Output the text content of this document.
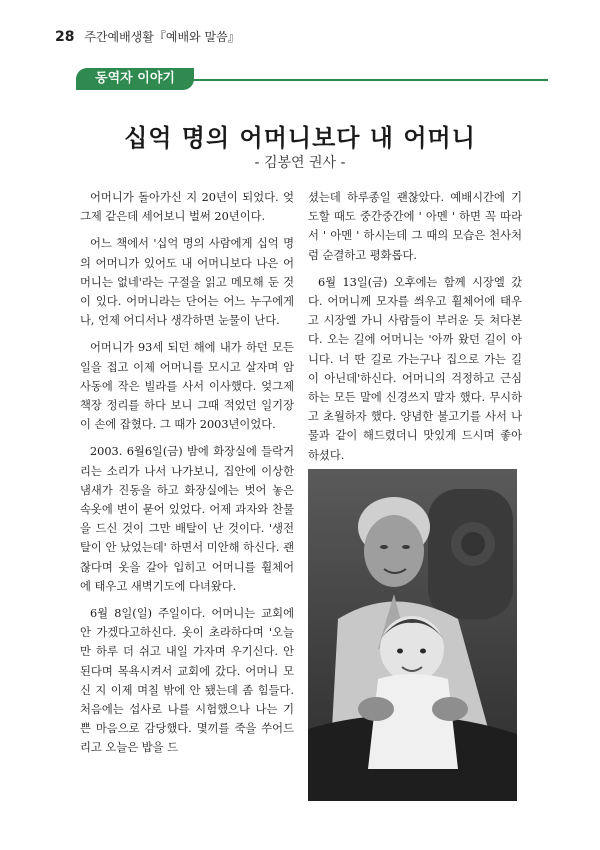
28 주간예배생활『예배와 말씀』
동역자 이야기
십억 명의 어머니보다 내 어머니
- 김봉연 권사 -

어머니가 돌아가신 지 20년이 되었다. 엊그제 같은데 세어보니 벌써 20년이다.

어느 책에서 '십억 명의 사람에게 십억 명의 어머니가 있어도 내 어머니보다 나은 어머니는 없네'라는 구절을 읽고 메모해 둔 것이 있다. 어머니라는 단어는 어느 누구에게나, 언제 어디서나 생각하면 눈물이 난다.

어머니가 93세 되던 해에 내가 하던 모든 일을 접고 이제 어머니를 모시고 살자며 암사동에 작은 빌라를 사서 이사했다. 엊그제 책장 정리를 하다 보니 그때 적었던 일기장이 손에 잡혔다. 그 때가 2003년이었다.

2003. 6월6일(금) 밤에 화장실에 들락거리는 소리가 나서 나가보니, 집안에 이상한 냄새가 진동을 하고 화장실에는 벗어 놓은 속옷에 변이 묻어 있었다. 어제 과자와 찬물을 드신 것이 그만 배탈이 난 것이다. '생전 탈이 안 났었는데' 하면서 미안해 하신다. 괜찮다며 옷을 갈아 입히고 어머니를 휠체어에 태우고 새벽기도에 다녀왔다.

6월 8일(일) 주일이다. 어머니는 교회에 안 가겠다고하신다. 옷이 초라하다며 '오늘 만 하루 더 쉬고 내일 가자며 우기신다. 안 된다며 목욕시켜서 교회에 갔다. 어머니 모신 지 이제 며칠 밖에 안 됐는데 좀 힘들다. 처음에는 섭사로 나를 시험했으나 나는 기쁜 마음으로 감당했다. 몇끼를 죽을 쑤어드리고 오늘은 밥을 드

셨는데 하루종일 괜찮았다. 예배시간에 기도할 때도 중간중간에 ' 아멘 ' 하면 꼭 따라서 ' 아멘 ' 하시는데 그 때의 모습은 천사처럼 순결하고 평화롭다.

6월 13일(금) 오후에는 함께 시장엘 갔다. 어머니께 모자를 씌우고 휠체어에 태우고 시장엘 가니 사람들이 부러운 듯 쳐다본다. 오는 길에 어머니는 '아까 왔던 길이 아니다. 너 딴 길로 가는구나 집으로 가는 길이 아닌데'하신다. 어머니의 걱정하고 근심하는 모든 말에 신경쓰지 말자 했다. 무시하고 초월하자 했다. 양념한 불고기를 사서 나물과 같이 해드렸더니 맛있게 드시며 좋아하셨다.
